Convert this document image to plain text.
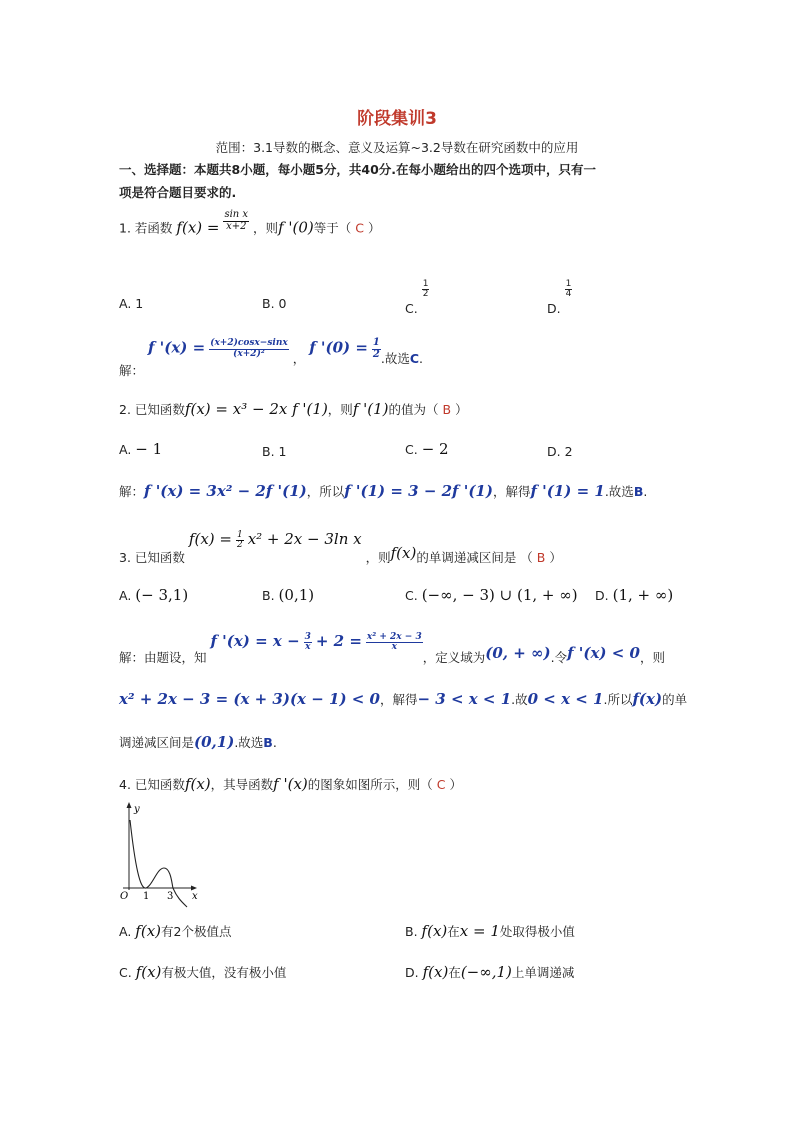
阶段集训3
范围：3.1导数的概念、意义及运算~3.2导数在研究函数中的应用
一、选择题：本题共8小题，每小题5分，共40分.在每小题给出的四个选项中，只有一
项是符合题目要求的.
1. 若函数 $f(x) = \frac{\text{sin x}}{x+2}$ ，则f '(0)等于（ C ）
A. 1	B. 0	C.
$\frac{1}{2}$
D.
$\frac{1}{4}$
解： f '$(x) = \frac{(x+2)\cos x-\sin x}{\text{(x+2)²}}$ ， f '$(0) = \frac{1}{2}$ .故选C.
2. 已知函数f(x) = x³ − 2x f '(1)，则f '(1)的值为（ B ）
A. − 1	B. 1	C. − 2	D. 2
解：f '(x) = 3x² − 2f '(1)，所以f '(1) = 3 − 2f '(1)，解得f '(1) = 1.故选B.
3. 已知函数 $f(x) = \frac{1}{2} x^2 + 2x - 3\ln$ x ，则f(x)的单调递减区间是 （ B ）
A. (− 3,1)	B. (0,1)	C. (−∞, − 3) ∪ (1, + ∞) D. (1, + ∞)
解：由题设，知 f '$(x) = x - \frac{3}{x} + 2 = \frac{\text{x² + 2x − 3}}{x}$
，定义域为(0, + ∞).令f '(x) < 0，则
x² + 2x − 3 = (x + 3)(x − 1) < 0，解得− 3 < x < 1.故0 < x < 1.所以f(x)的单
调递减区间是(0,1).故选B.
4. 已知函数f(x)，其导函数f '(x)的图象如图所示，则（ C ）
y
x
O 1 3
A. f(x)有2个极值点	B. f(x)在x = 1处取得极小值
C. f(x)有极大值，没有极小值	D. f(x)在(−∞,1)上单调递减
